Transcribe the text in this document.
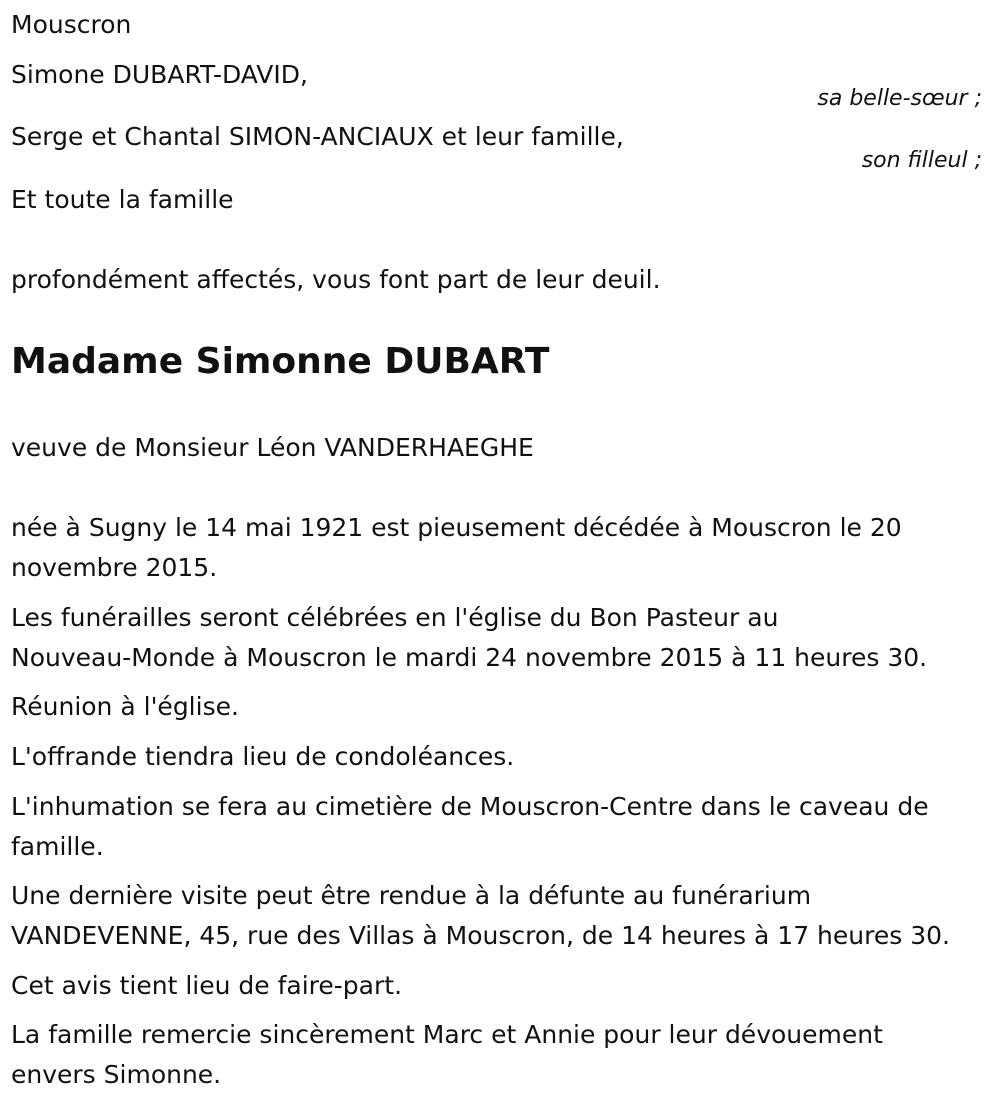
Mouscron

Simone DUBART-DAVID,

sa belle-sœur ;

Serge et Chantal SIMON-ANCIAUX et leur famille,

son filleul ;

Et toute la famille

profondément affectés, vous font part de leur deuil.

Madame Simonne DUBART

veuve de Monsieur Léon VANDERHAEGHE

née à Sugny le 14 mai 1921 est pieusement décédée à Mouscron le 20

novembre 2015.

Les funérailles seront célébrées en l'église du Bon Pasteur au

Nouveau-Monde à Mouscron le mardi 24 novembre 2015 à 11 heures 30.

Réunion à l'église.

L'offrande tiendra lieu de condoléances.

L'inhumation se fera au cimetière de Mouscron-Centre dans le caveau de

famille.

Une dernière visite peut être rendue à la défunte au funérarium

VANDEVENNE, 45, rue des Villas à Mouscron, de 14 heures à 17 heures 30.

Cet avis tient lieu de faire-part.

La famille remercie sincèrement Marc et Annie pour leur dévouement

envers Simonne.
